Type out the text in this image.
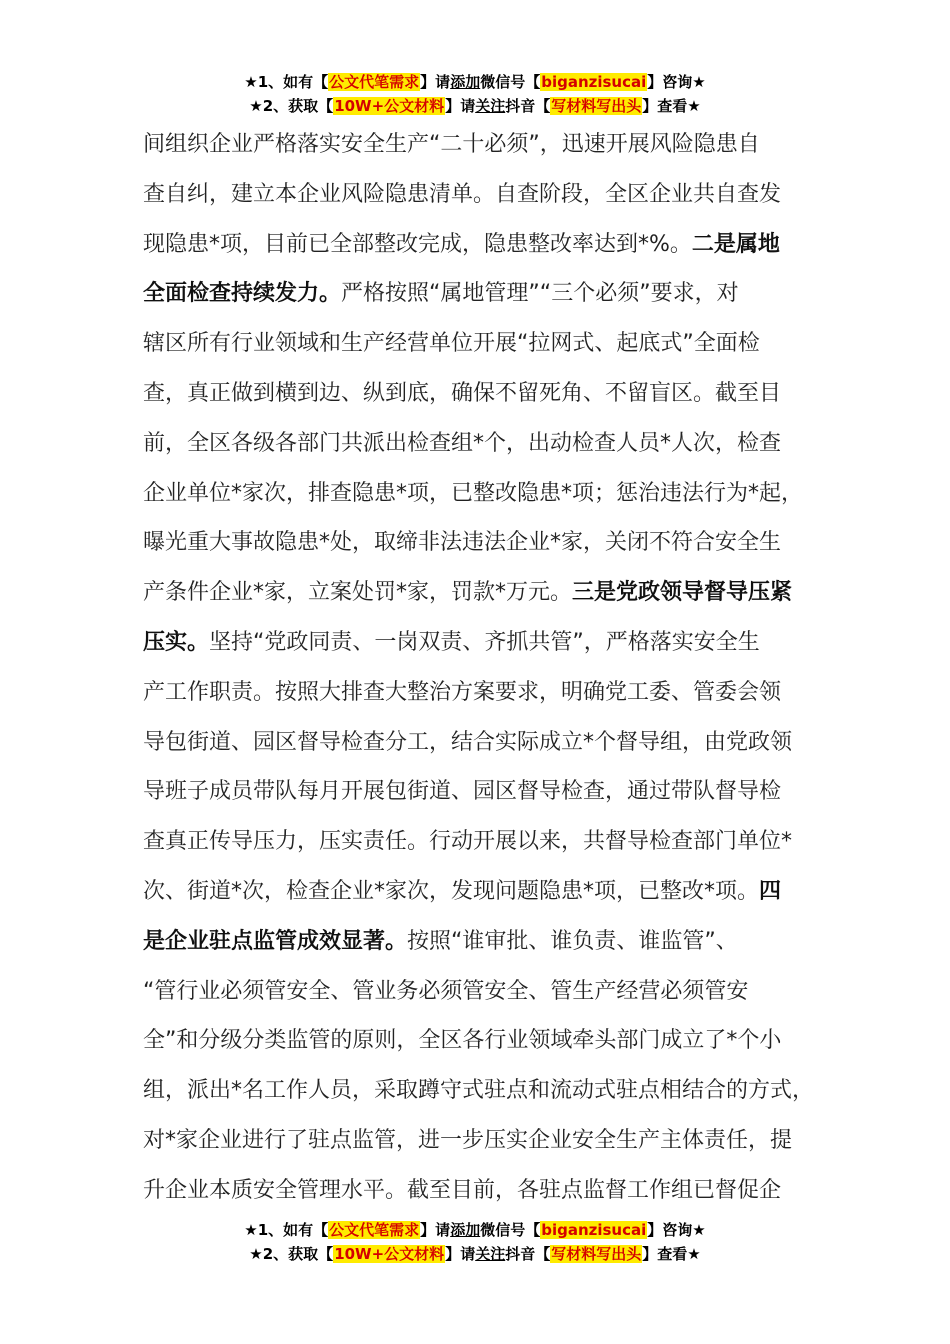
★1、如有【公文代笔需求】请添加微信号【biganzisucai】咨询★
★2、获取【10W+公文材料】请关注抖音【写材料写出头】查看★
间组织企业严格落实安全生产“二十必须”，迅速开展风险隐患自
查自纠，建立本企业风险隐患清单。自查阶段，全区企业共自查发
现隐患*项，目前已全部整改完成，隐患整改率达到*%。二是属地
全面检查持续发力。严格按照“属地管理”“三个必须”要求，对
辖区所有行业领域和生产经营单位开展“拉网式、起底式”全面检
查，真正做到横到边、纵到底，确保不留死角、不留盲区。截至目
前，全区各级各部门共派出检查组*个，出动检查人员*人次，检查
企业单位*家次，排查隐患*项，已整改隐患*项；惩治违法行为*起，
曝光重大事故隐患*处，取缔非法违法企业*家，关闭不符合安全生
产条件企业*家，立案处罚*家，罚款*万元。三是党政领导督导压紧
压实。坚持“党政同责、一岗双责、齐抓共管”，严格落实安全生
产工作职责。按照大排查大整治方案要求，明确党工委、管委会领
导包街道、园区督导检查分工，结合实际成立*个督导组，由党政领
导班子成员带队每月开展包街道、园区督导检查，通过带队督导检
查真正传导压力，压实责任。行动开展以来，共督导检查部门单位*
次、街道*次，检查企业*家次，发现问题隐患*项，已整改*项。四
是企业驻点监管成效显著。按照“谁审批、谁负责、谁监管”、
“管行业必须管安全、管业务必须管安全、管生产经营必须管安
全”和分级分类监管的原则，全区各行业领域牵头部门成立了*个小
组，派出*名工作人员，采取蹲守式驻点和流动式驻点相结合的方式，
对*家企业进行了驻点监管，进一步压实企业安全生产主体责任，提
升企业本质安全管理水平。截至目前，各驻点监督工作组已督促企
★1、如有【公文代笔需求】请添加微信号【biganzisucai】咨询★
★2、获取【10W+公文材料】请关注抖音【写材料写出头】查看★
